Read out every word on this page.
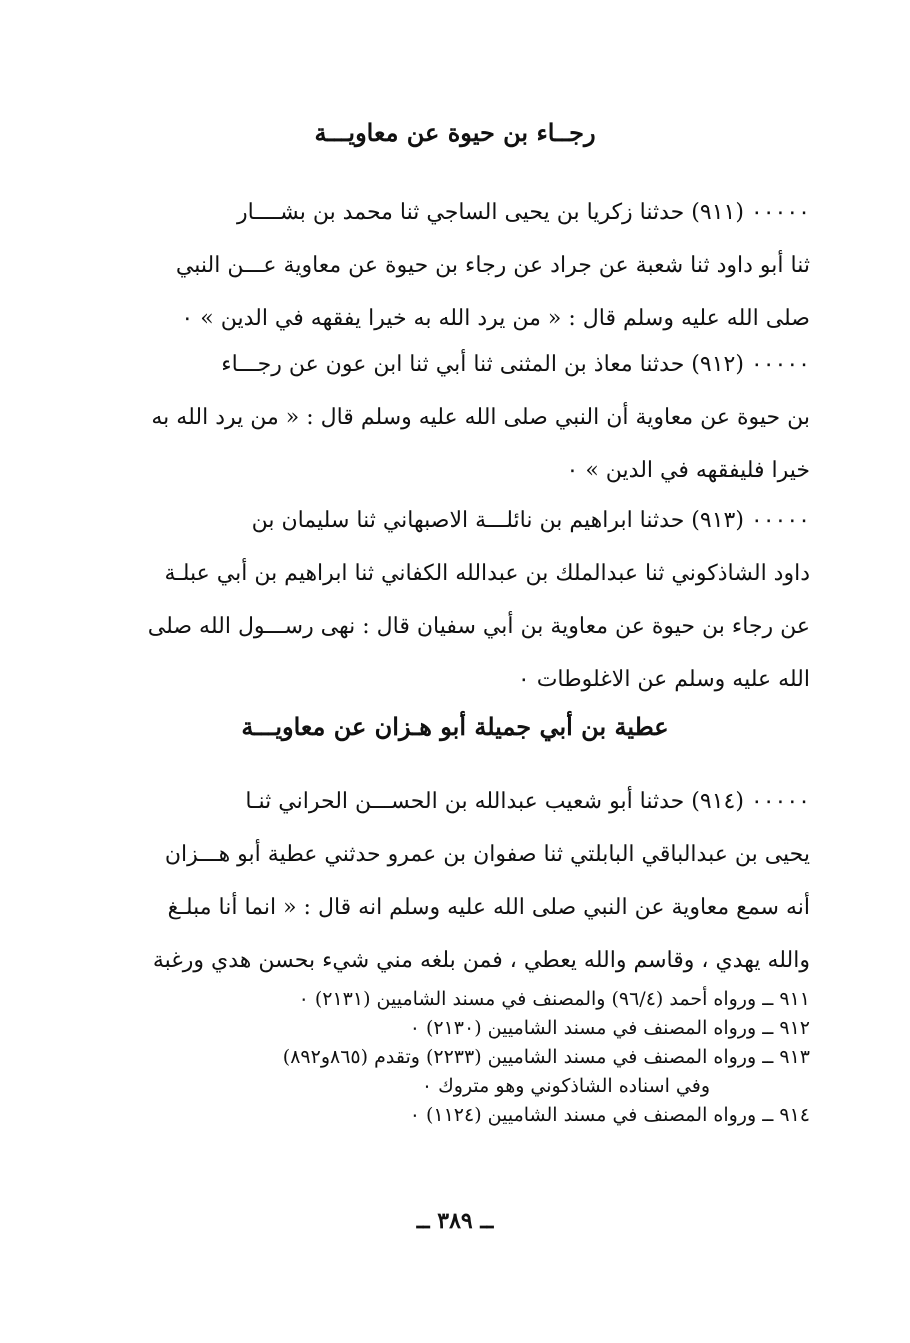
رجــاء بن حيوة عن معاويـــة
٠٠٠٠٠ (٩١١) حدثنا زكريا بن يحيى الساجي ثنا محمد بن بشــــار
ثنا أبو داود ثنا شعبة عن جراد عن رجاء بن حيوة عن معاوية عـــن النبي
صلى الله عليه وسلم قال : « من يرد الله به خيرا يفقهه في الدين » ٠
٠٠٠٠٠ (٩١٢) حدثنا معاذ بن المثنى ثنا أبي ثنا ابن عون عن رجـــاء
بن حيوة عن معاوية أن النبي صلى الله عليه وسلم قال : « من يرد الله به
خيرا فليفقهه في الدين » ٠
٠٠٠٠٠ (٩١٣) حدثنا ابراهيم بن نائلـــة الاصبهاني ثنا سليمان بن
داود الشاذكوني ثنا عبدالملك بن عبدالله الكفاني ثنا ابراهيم بن أبي عبلـة
عن رجاء بن حيوة عن معاوية بن أبي سفيان قال : نهى رســـول الله صلى
الله عليه وسلم عن الاغلوطات ٠
عطية بن أبي جميلة أبو هـزان عن معاويـــة
٠٠٠٠٠ (٩١٤) حدثنا أبو شعيب عبدالله بن الحســـن الحراني ثنـا
يحيى بن عبدالباقي البابلتي ثنا صفوان بن عمرو حدثني عطية أبو هـــزان
أنه سمع معاوية عن النبي صلى الله عليه وسلم انه قال : « انما أنا مبلـغ
والله يهدي ، وقاسم والله يعطي ، فمن بلغه مني شيء بحسن هدي ورغبة
٩١١ ــ ورواه أحمد (٩٦/٤) والمصنف في مسند الشاميين (٢١٣١) ٠
٩١٢ ــ ورواه المصنف في مسند الشاميين (٢١٣٠) ٠
٩١٣ ــ ورواه المصنف في مسند الشاميين (٢٢٣٣) وتقدم (٨٦٥و٨٩٢)
وفي اسناده الشاذكوني وهو متروك ٠
٩١٤ ــ ورواه المصنف في مسند الشاميين (١١٢٤) ٠
ــ ٣٨٩ ــ
